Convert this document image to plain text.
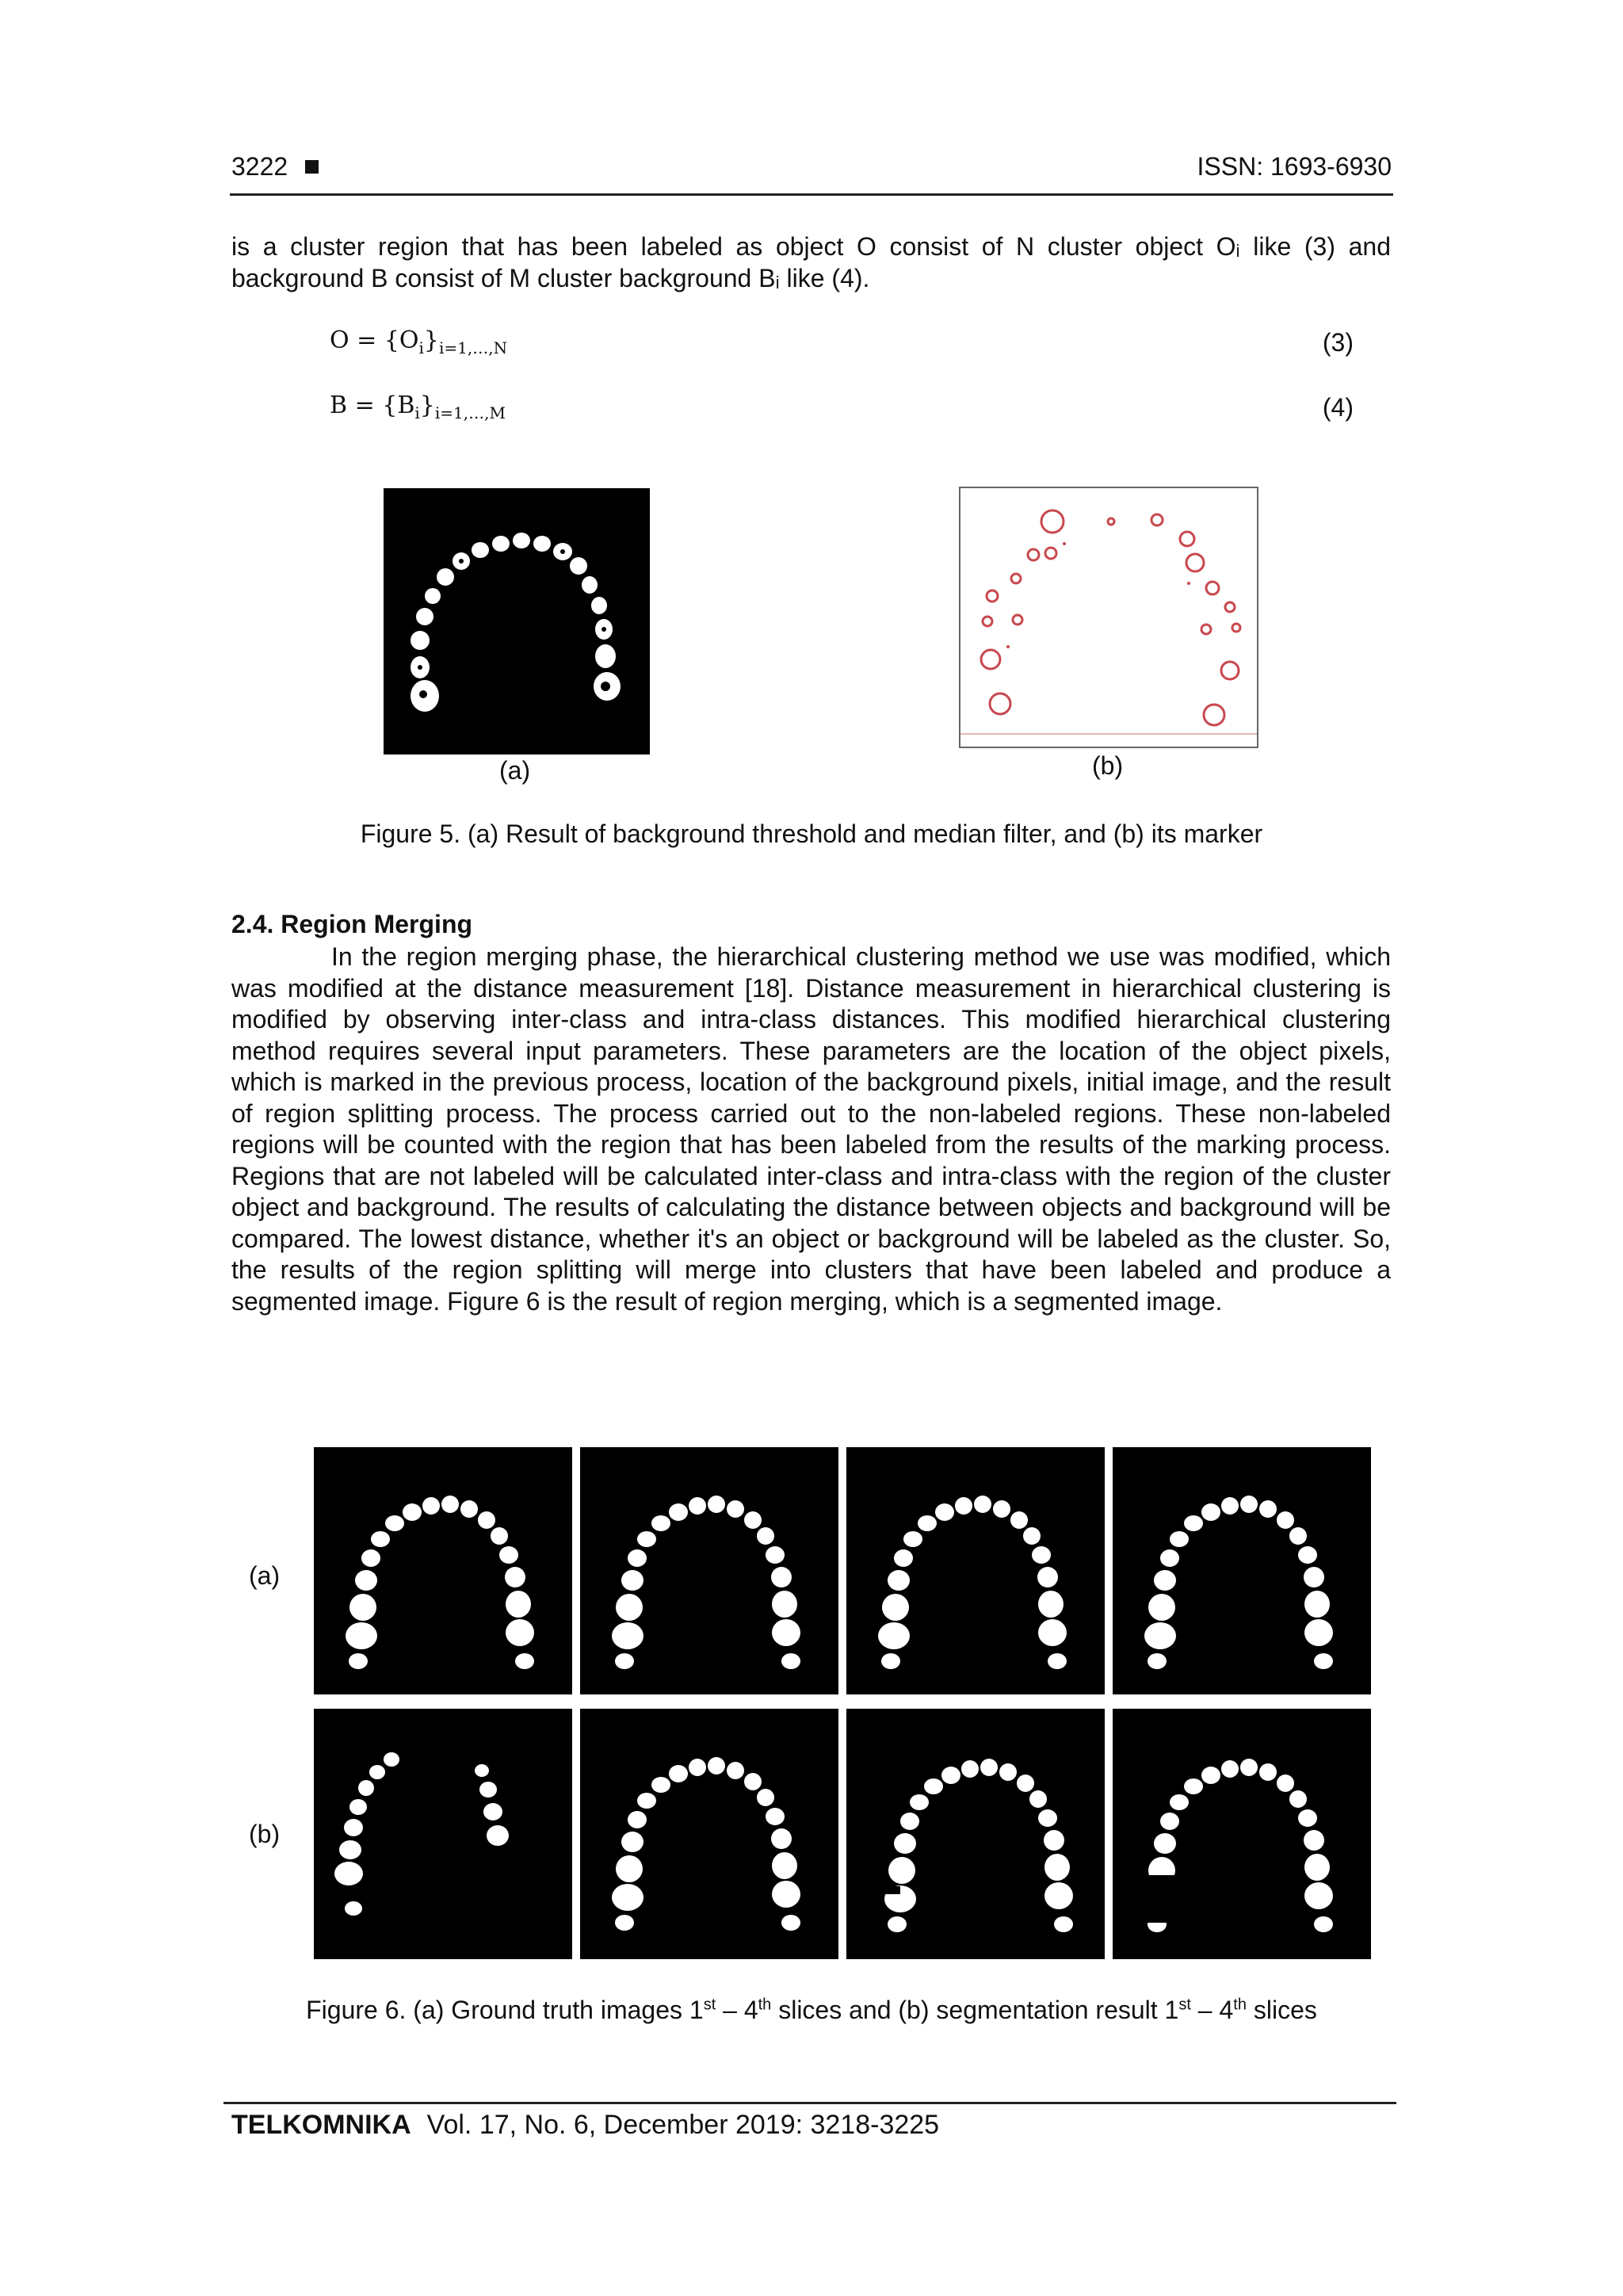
3222	ISSN: 1693-6930
is a cluster region that has been labeled as object O consist of N cluster object Oᵢ like (3) and background B consist of M cluster background Bᵢ like (4).
$O = \{O_i\}_{i=1,\dots,N}$	(3)
$B = \{B_i\}_{i=1,\dots,M}$	(4)
(a)	(b)
Figure 5. (a) Result of background threshold and median filter, and (b) its marker
2.4. Region Merging
In the region merging phase, the hierarchical clustering method we use was modified, which was modified at the distance measurement [18]. Distance measurement in hierarchical clustering is modified by observing inter-class and intra-class distances. This modified hierarchical clustering method requires several input parameters. These parameters are the location of the object pixels, which is marked in the previous process, location of the background pixels, initial image, and the result of region splitting process. The process carried out to the non-labeled regions. These non-labeled regions will be counted with the region that has been labeled from the results of the marking process. Regions that are not labeled will be calculated inter-class and intra-class with the region of the cluster object and background. The results of calculating the distance between objects and background will be compared. The lowest distance, whether it's an object or background will be labeled as the cluster. So, the results of the region splitting will merge into clusters that have been labeled and produce a segmented image. Figure 6 is the result of region merging, which is a segmented image.
(a)
(b)
Figure 6. (a) Ground truth images 1st – 4th slices and (b) segmentation result 1st – 4th slices
TELKOMNIKA Vol. 17, No. 6, December 2019: 3218-3225
